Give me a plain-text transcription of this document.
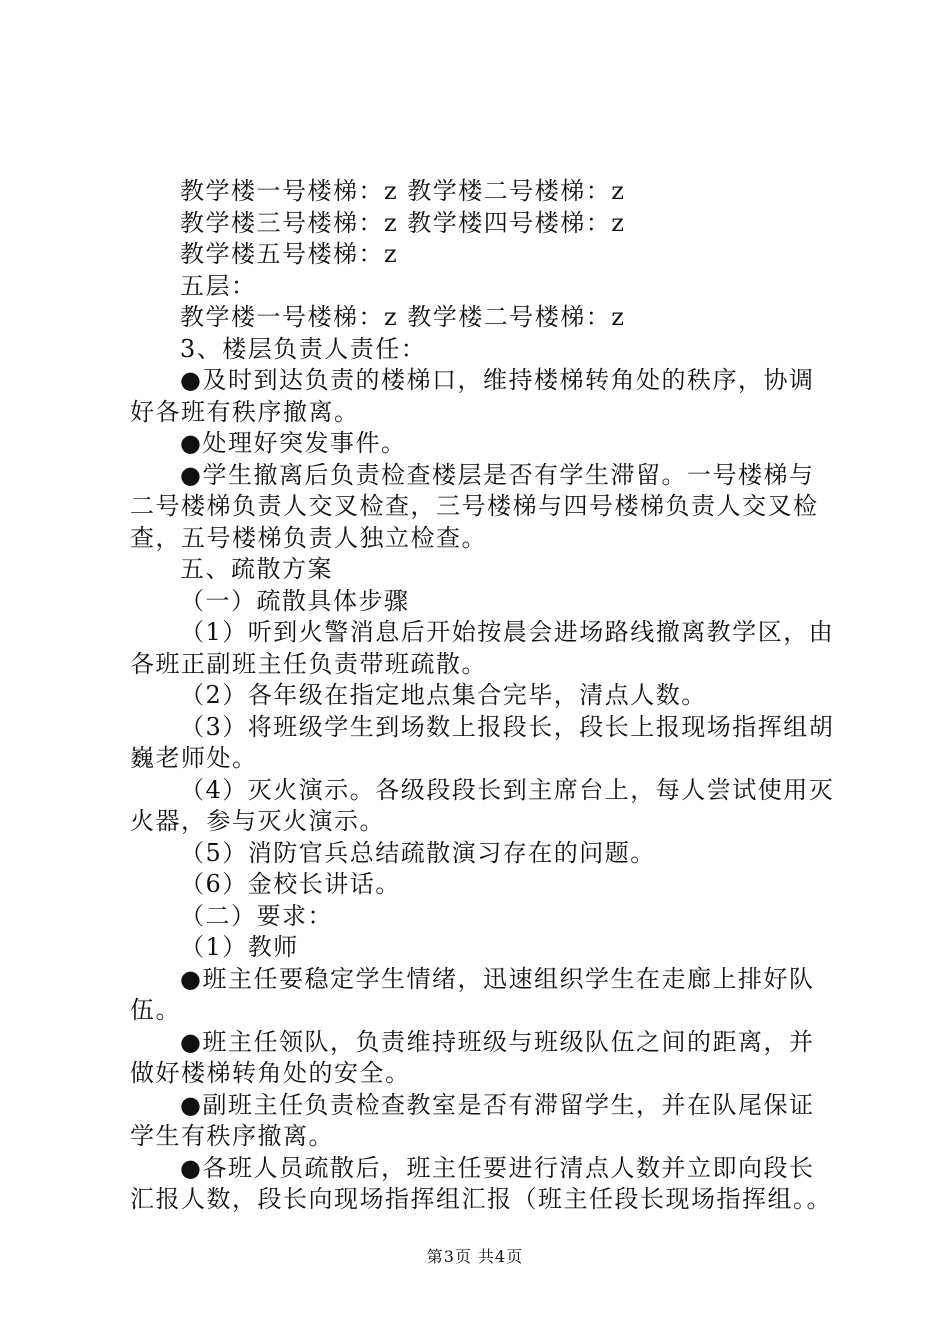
教学楼一号楼梯：z 教学楼二号楼梯：z
教学楼三号楼梯：z 教学楼四号楼梯：z
教学楼五号楼梯：z
五层：
教学楼一号楼梯：z 教学楼二号楼梯：z
3、楼层负责人责任：
●及时到达负责的楼梯口，维持楼梯转角处的秩序，协调
好各班有秩序撤离。
●处理好突发事件。
●学生撤离后负责检查楼层是否有学生滞留。一号楼梯与
二号楼梯负责人交叉检查，三号楼梯与四号楼梯负责人交叉检
查，五号楼梯负责人独立检查。
五、疏散方案
（一）疏散具体步骤
（1）听到火警消息后开始按晨会进场路线撤离教学区，由
各班正副班主任负责带班疏散。
（2）各年级在指定地点集合完毕，清点人数。
（3）将班级学生到场数上报段长，段长上报现场指挥组胡
巍老师处。
（4）灭火演示。各级段段长到主席台上，每人尝试使用灭
火器，参与灭火演示。
（5）消防官兵总结疏散演习存在的问题。
（6）金校长讲话。
（二）要求：
（1）教师
●班主任要稳定学生情绪，迅速组织学生在走廊上排好队
伍。
●班主任领队，负责维持班级与班级队伍之间的距离，并
做好楼梯转角处的安全。
●副班主任负责检查教室是否有滞留学生，并在队尾保证
学生有秩序撤离。
●各班人员疏散后，班主任要进行清点人数并立即向段长
汇报人数，段长向现场指挥组汇报（班主任段长现场指挥组。。
第3页 共4页
